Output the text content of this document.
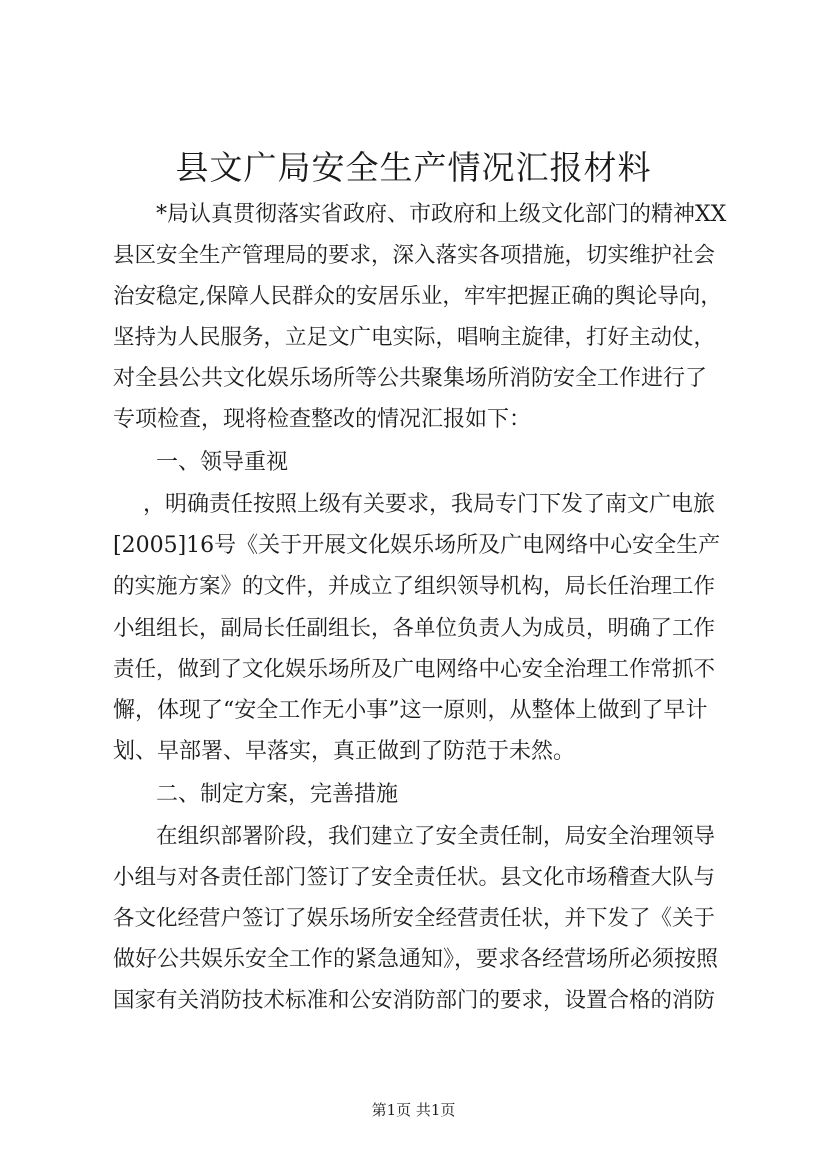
县文广局安全生产情况汇报材料
*局认真贯彻落实省政府、市政府和上级文化部门的精神XX
县区安全生产管理局的要求，深入落实各项措施，切实维护社会
治安稳定,保障人民群众的安居乐业，牢牢把握正确的舆论导向，
坚持为人民服务，立足文广电实际，唱响主旋律，打好主动仗，
对全县公共文化娱乐场所等公共聚集场所消防安全工作进行了
专项检查，现将检查整改的情况汇报如下：
一、领导重视
，明确责任按照上级有关要求，我局专门下发了南文广电旅
[2005]16号《关于开展文化娱乐场所及广电网络中心安全生产
的实施方案》的文件，并成立了组织领导机构，局长任治理工作
小组组长，副局长任副组长，各单位负责人为成员，明确了工作
责任，做到了文化娱乐场所及广电网络中心安全治理工作常抓不
懈，体现了“安全工作无小事”这一原则，从整体上做到了早计
划、早部署、早落实，真正做到了防范于未然。
二、制定方案，完善措施
在组织部署阶段，我们建立了安全责任制，局安全治理领导
小组与对各责任部门签订了安全责任状。县文化市场稽查大队与
各文化经营户签订了娱乐场所安全经营责任状，并下发了《关于
做好公共娱乐安全工作的紧急通知》，要求各经营场所必须按照
国家有关消防技术标准和公安消防部门的要求，设置合格的消防
第1页 共1页
